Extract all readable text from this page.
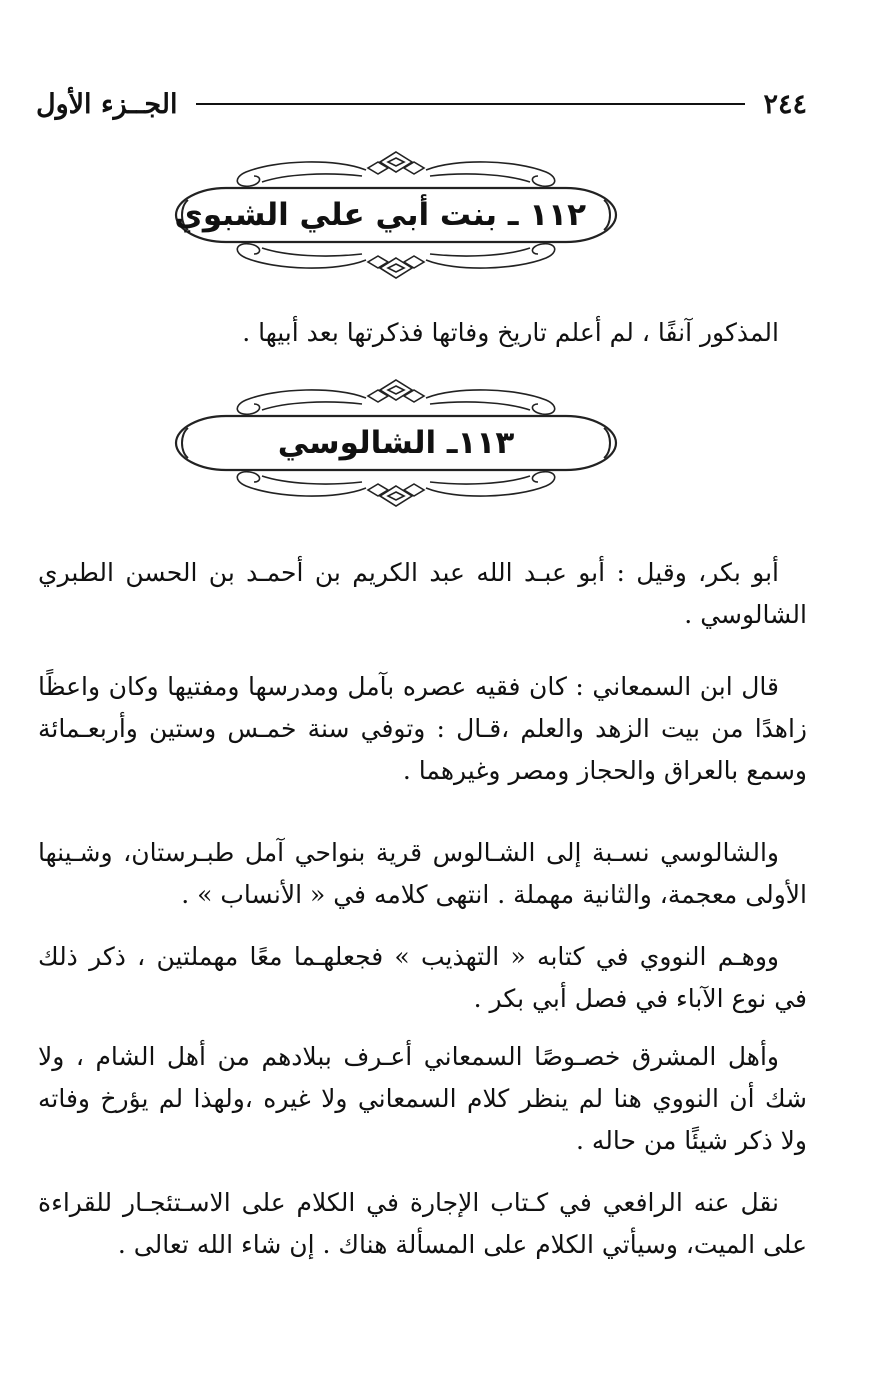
٢٤٤
الجــزء الأول
١١٢ ـ بنت أبي علي الشبوي

المذكور آنفًا ، لم أعلم تاريخ وفاتها فذكرتها بعد أبيها .

١١٣ـ الشالوسي

أبو بكر، وقيل : أبو عبـد الله عبد الكريم بن أحمـد بن الحسن الطبري الشالوسي .

قال ابن السمعاني : كان فقيه عصره بآمل ومدرسها ومفتيها وكان واعظًا زاهدًا من بيت الزهد والعلم ،قـال : وتوفي سنة خمـس وستين وأربعـمائة وسمع بالعراق والحجاز ومصر وغيرهما .

والشالوسي نسـبة إلى الشـالوس قرية بنواحي آمل طبـرستان، وشـينها الأولى معجمة، والثانية مهملة . انتهى كلامه في « الأنساب » .

ووهـم النووي في كتابه « التهذيب » فجعلهـما معًا مهملتين ، ذكر ذلك في نوع الآباء في فصل أبي بكر .

وأهل المشرق خصـوصًا السمعاني أعـرف ببلادهم من أهل الشام ، ولا شك أن النووي هنا لم ينظر كلام السمعاني ولا غيره ،ولهذا لم يؤرخ وفاته ولا ذكر شيئًا من حاله .

نقل عنه الرافعي في كـتاب الإجارة في الكلام على الاسـتئجـار للقراءة على الميت، وسيأتي الكلام على المسألة هناك . إن شاء الله تعالى .
